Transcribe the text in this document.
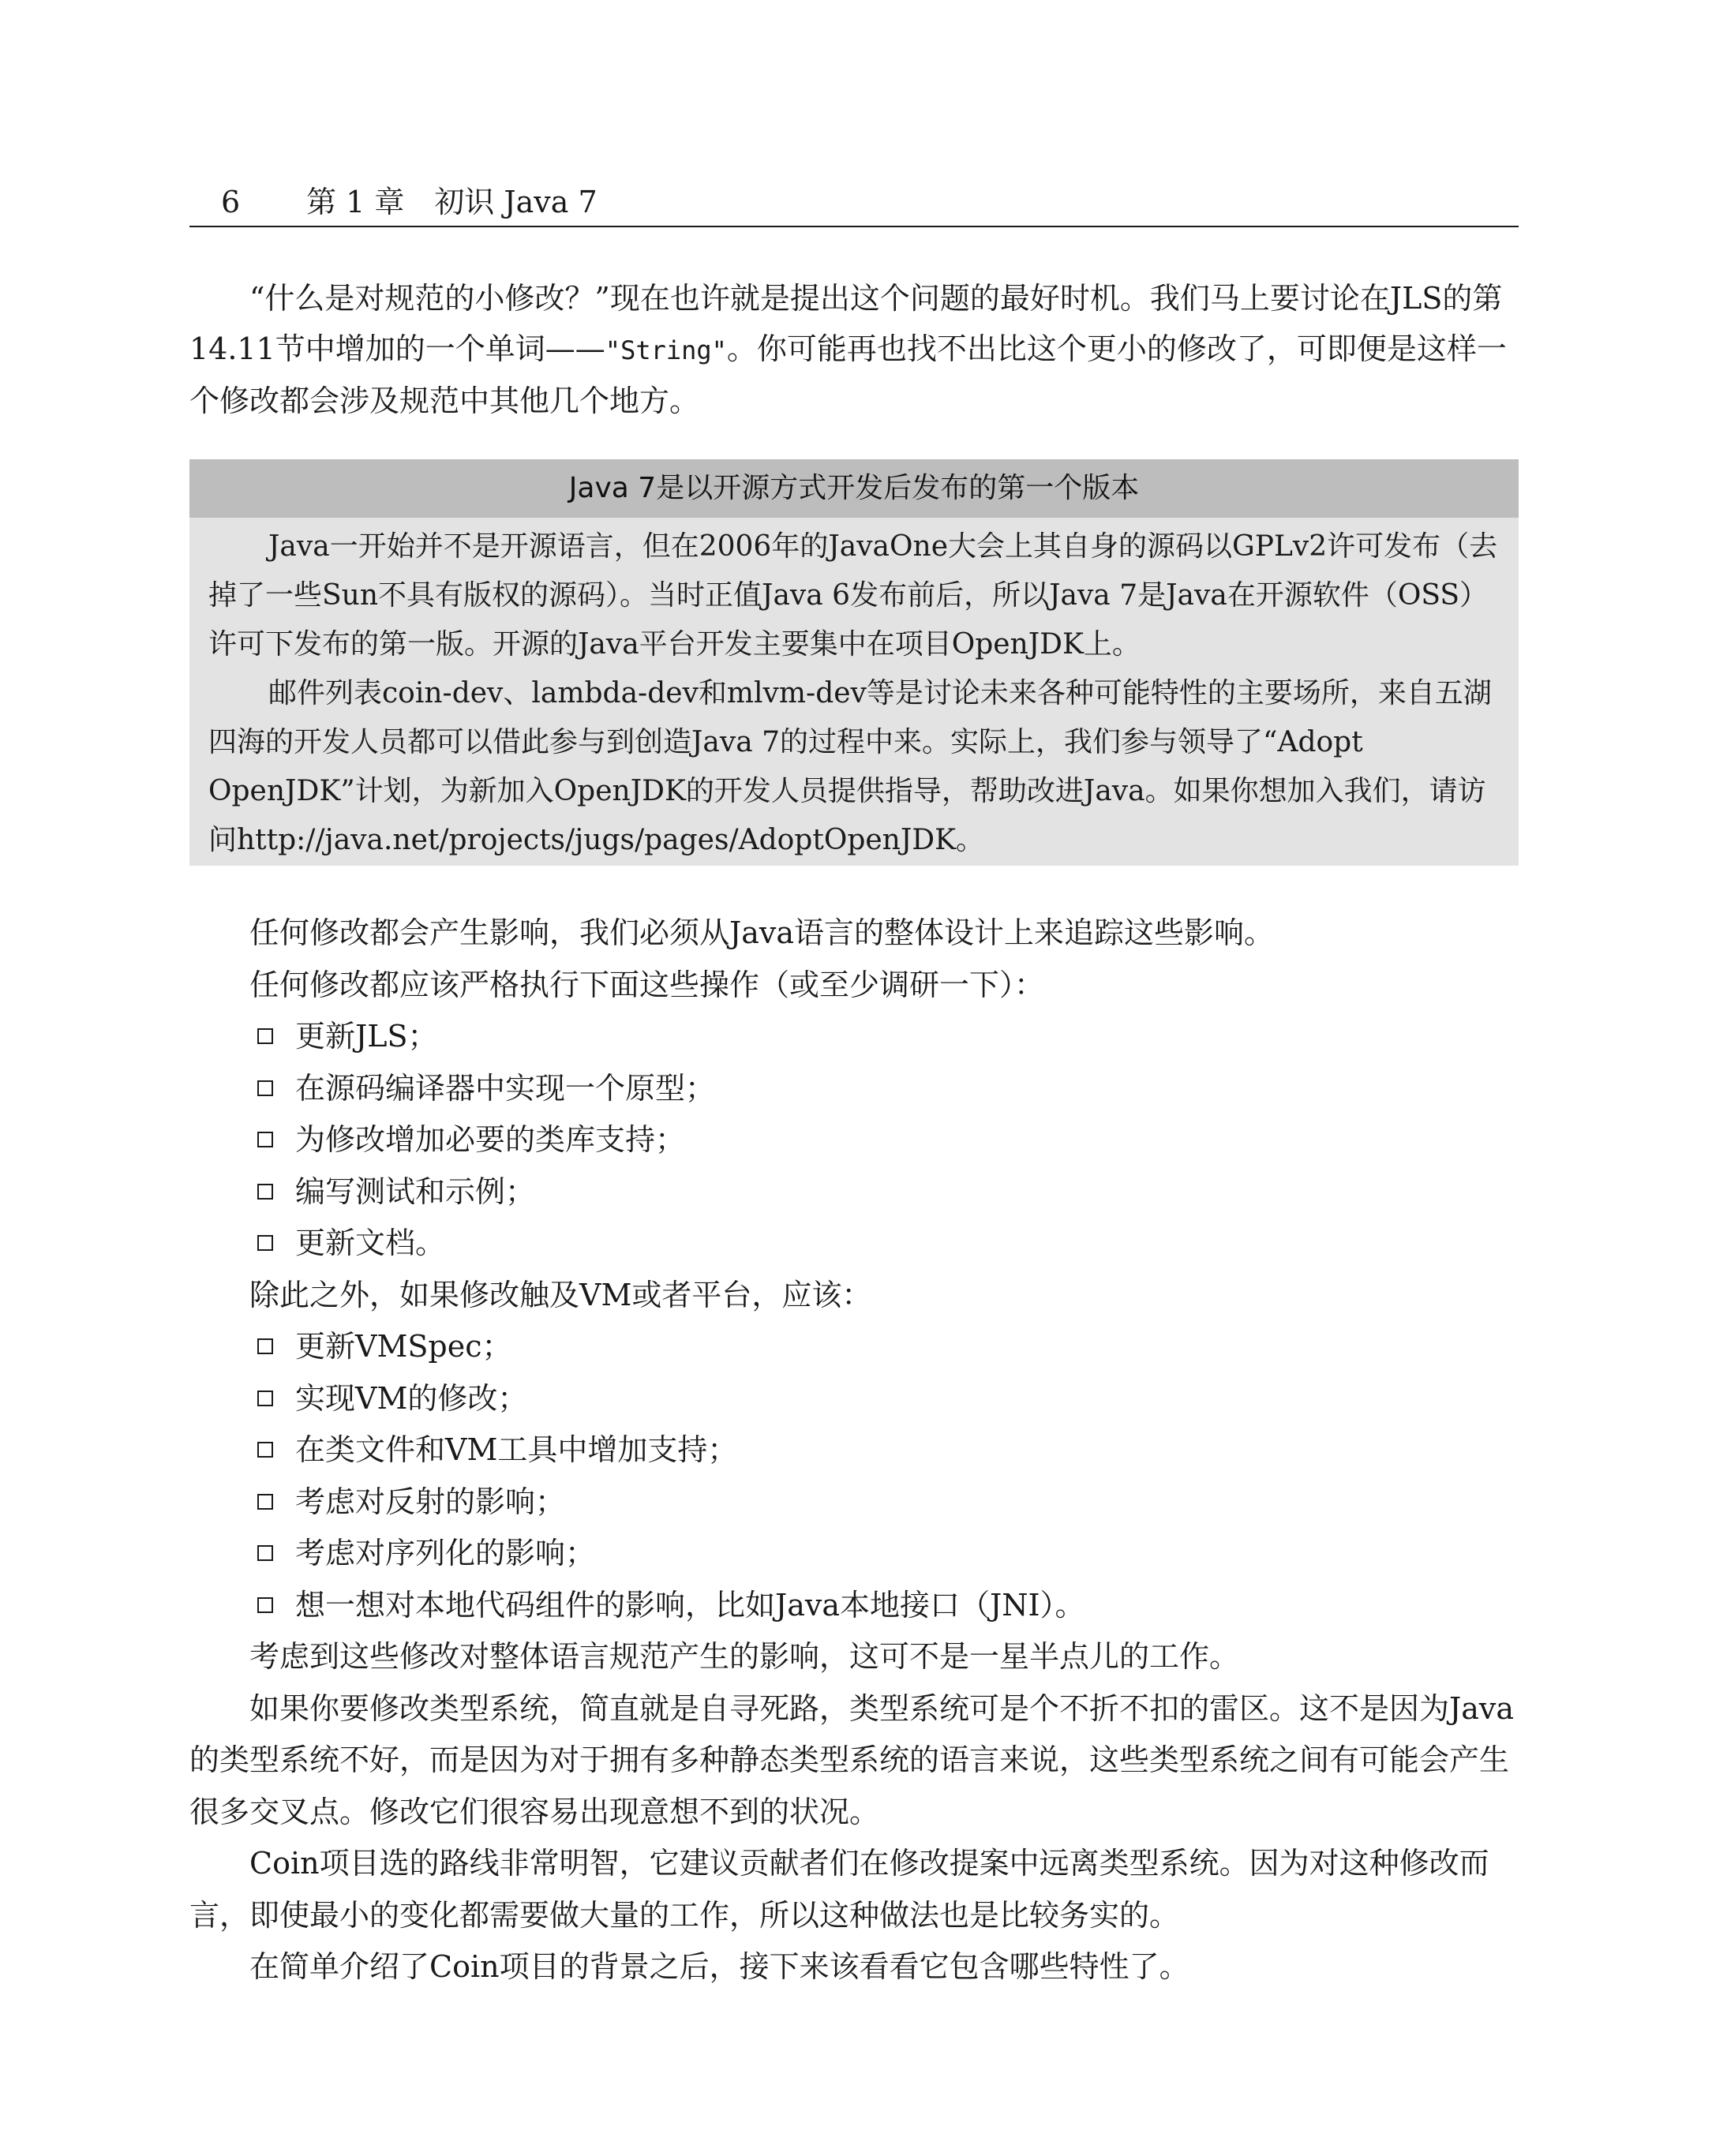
6 第 1 章　初识 Java 7

“什么是对规范的小修改？”现在也许就是提出这个问题的最好时机。我们马上要讨论在JLS的第14.11节中增加的一个单词——"String"。你可能再也找不出比这个更小的修改了，可即便是这样一个修改都会涉及规范中其他几个地方。

Java 7是以开源方式开发后发布的第一个版本

Java一开始并不是开源语言，但在2006年的JavaOne大会上其自身的源码以GPLv2许可发布（去掉了一些Sun不具有版权的源码）。当时正值Java 6发布前后，所以Java 7是Java在开源软件（OSS）许可下发布的第一版。开源的Java平台开发主要集中在项目OpenJDK上。

邮件列表coin-dev、lambda-dev和mlvm-dev等是讨论未来各种可能特性的主要场所，来自五湖四海的开发人员都可以借此参与到创造Java 7的过程中来。实际上，我们参与领导了“Adopt OpenJDK”计划，为新加入OpenJDK的开发人员提供指导，帮助改进Java。如果你想加入我们，请访问http://java.net/projects/jugs/pages/AdoptOpenJDK。

任何修改都会产生影响，我们必须从Java语言的整体设计上来追踪这些影响。

任何修改都应该严格执行下面这些操作（或至少调研一下）：

更新JLS；

在源码编译器中实现一个原型；

为修改增加必要的类库支持；

编写测试和示例；

更新文档。

除此之外，如果修改触及VM或者平台，应该：

更新VMSpec；

实现VM的修改；

在类文件和VM工具中增加支持；

考虑对反射的影响；

考虑对序列化的影响；

想一想对本地代码组件的影响，比如Java本地接口（JNI）。

考虑到这些修改对整体语言规范产生的影响，这可不是一星半点儿的工作。

如果你要修改类型系统，简直就是自寻死路，类型系统可是个不折不扣的雷区。这不是因为Java的类型系统不好，而是因为对于拥有多种静态类型系统的语言来说，这些类型系统之间有可能会产生很多交叉点。修改它们很容易出现意想不到的状况。

Coin项目选的路线非常明智，它建议贡献者们在修改提案中远离类型系统。因为对这种修改而言，即使最小的变化都需要做大量的工作，所以这种做法也是比较务实的。

在简单介绍了Coin项目的背景之后，接下来该看看它包含哪些特性了。
